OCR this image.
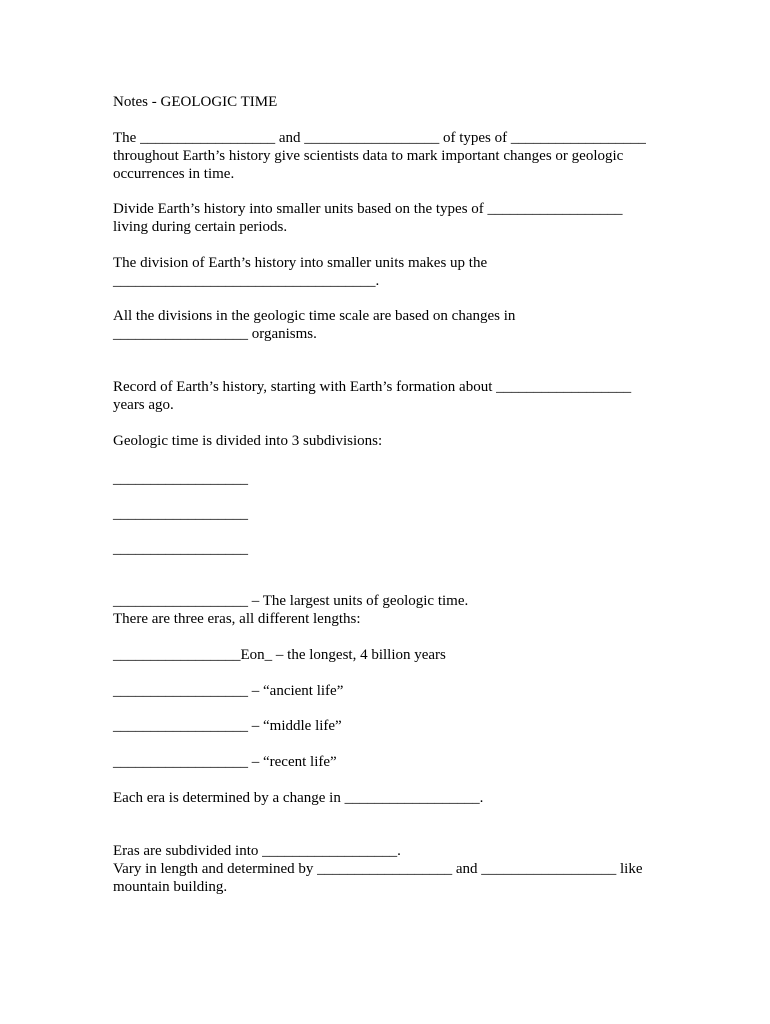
Notes - GEOLOGIC TIME

The __________________ and __________________ of types of __________________

throughout Earth’s history give scientists data to mark important changes or geologic

occurrences in time.

Divide Earth’s history into smaller units based on the types of __________________

living during certain periods.

The division of Earth’s history into smaller units makes up the

___________________________________.

All the divisions in the geologic time scale are based on changes in

__________________ organisms.

Record of Earth’s history, starting with Earth’s formation about __________________

years ago.

Geologic time is divided into 3 subdivisions:

__________________

__________________

__________________

__________________ – The largest units of geologic time.

There are three eras, all different lengths:

_________________Eon_ – the longest, 4 billion years

__________________ – “ancient life”

__________________ – “middle life”

__________________ – “recent life”

Each era is determined by a change in __________________.

Eras are subdivided into __________________.

Vary in length and determined by __________________ and __________________ like

mountain building.
